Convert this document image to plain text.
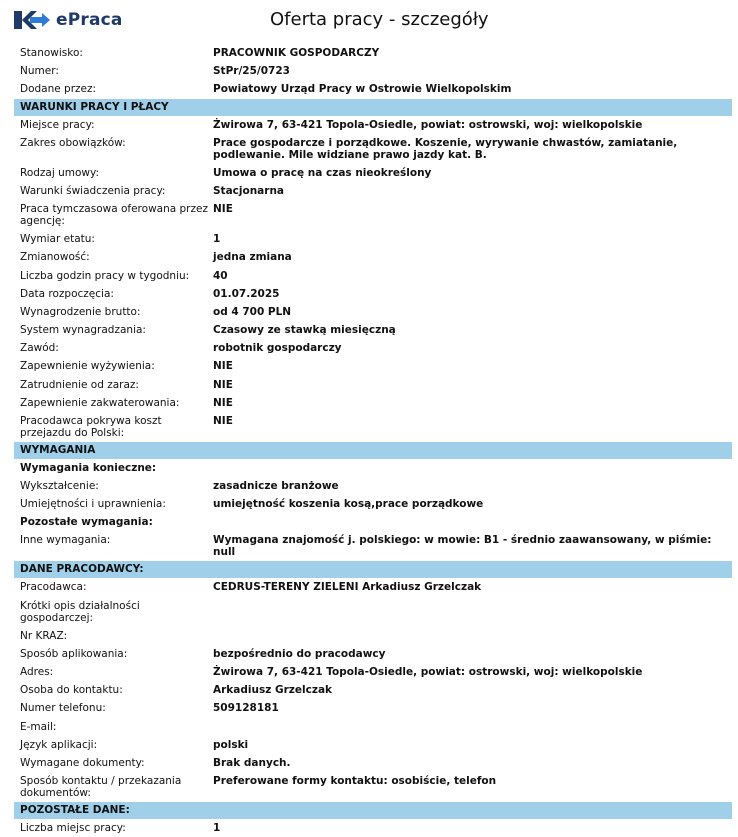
ePraca	Oferta pracy - szczegóły
Stanowisko:	PRACOWNIK GOSPODARCZY
Numer:	StPr/25/0723
Dodane przez:	Powiatowy Urząd Pracy w Ostrowie Wielkopolskim
WARUNKI PRACY I PŁACY
Miejsce pracy:	Żwirowa 7, 63-421 Topola-Osiedle, powiat: ostrowski, woj: wielkopolskie
Zakres obowiązków:	Prace gospodarcze i porządkowe. Koszenie, wyrywanie chwastów, zamiatanie, podlewanie. Mile widziane prawo jazdy kat. B.
Rodzaj umowy:	Umowa o pracę na czas nieokreślony
Warunki świadczenia pracy:	Stacjonarna
Praca tymczasowa oferowana przez agencję:
NIE
Wymiar etatu:	1
Zmianowość:	jedna zmiana
Liczba godzin pracy w tygodniu:	40
Data rozpoczęcia:	01.07.2025
Wynagrodzenie brutto:	od 4 700 PLN
System wynagradzania:	Czasowy ze stawką miesięczną
Zawód:	robotnik gospodarczy
Zapewnienie wyżywienia:	NIE
Zatrudnienie od zaraz:	NIE
Zapewnienie zakwaterowania:	NIE
Pracodawca pokrywa koszt przejazdu do Polski:
NIE
WYMAGANIA
Wymagania konieczne:
Wykształcenie:	zasadnicze branżowe
Umiejętności i uprawnienia:	umiejętność koszenia kosą,prace porządkowe
Pozostałe wymagania:
Inne wymagania:	Wymagana znajomość j. polskiego: w mowie: B1 - średnio zaawansowany, w piśmie: null
DANE PRACODAWCY:
Pracodawca:	CEDRUS-TERENY ZIELENI Arkadiusz Grzelczak
Krótki opis działalności gospodarczej:
Nr KRAZ:
Sposób aplikowania:	bezpośrednio do pracodawcy
Adres:	Żwirowa 7, 63-421 Topola-Osiedle, powiat: ostrowski, woj: wielkopolskie
Osoba do kontaktu:	Arkadiusz Grzelczak
Numer telefonu:	509128181
E-mail:
Język aplikacji:	polski
Wymagane dokumenty:	Brak danych.
Sposób kontaktu / przekazania dokumentów:
Preferowane formy kontaktu: osobiście, telefon
POZOSTAŁE DANE:
Liczba miejsc pracy:	1
